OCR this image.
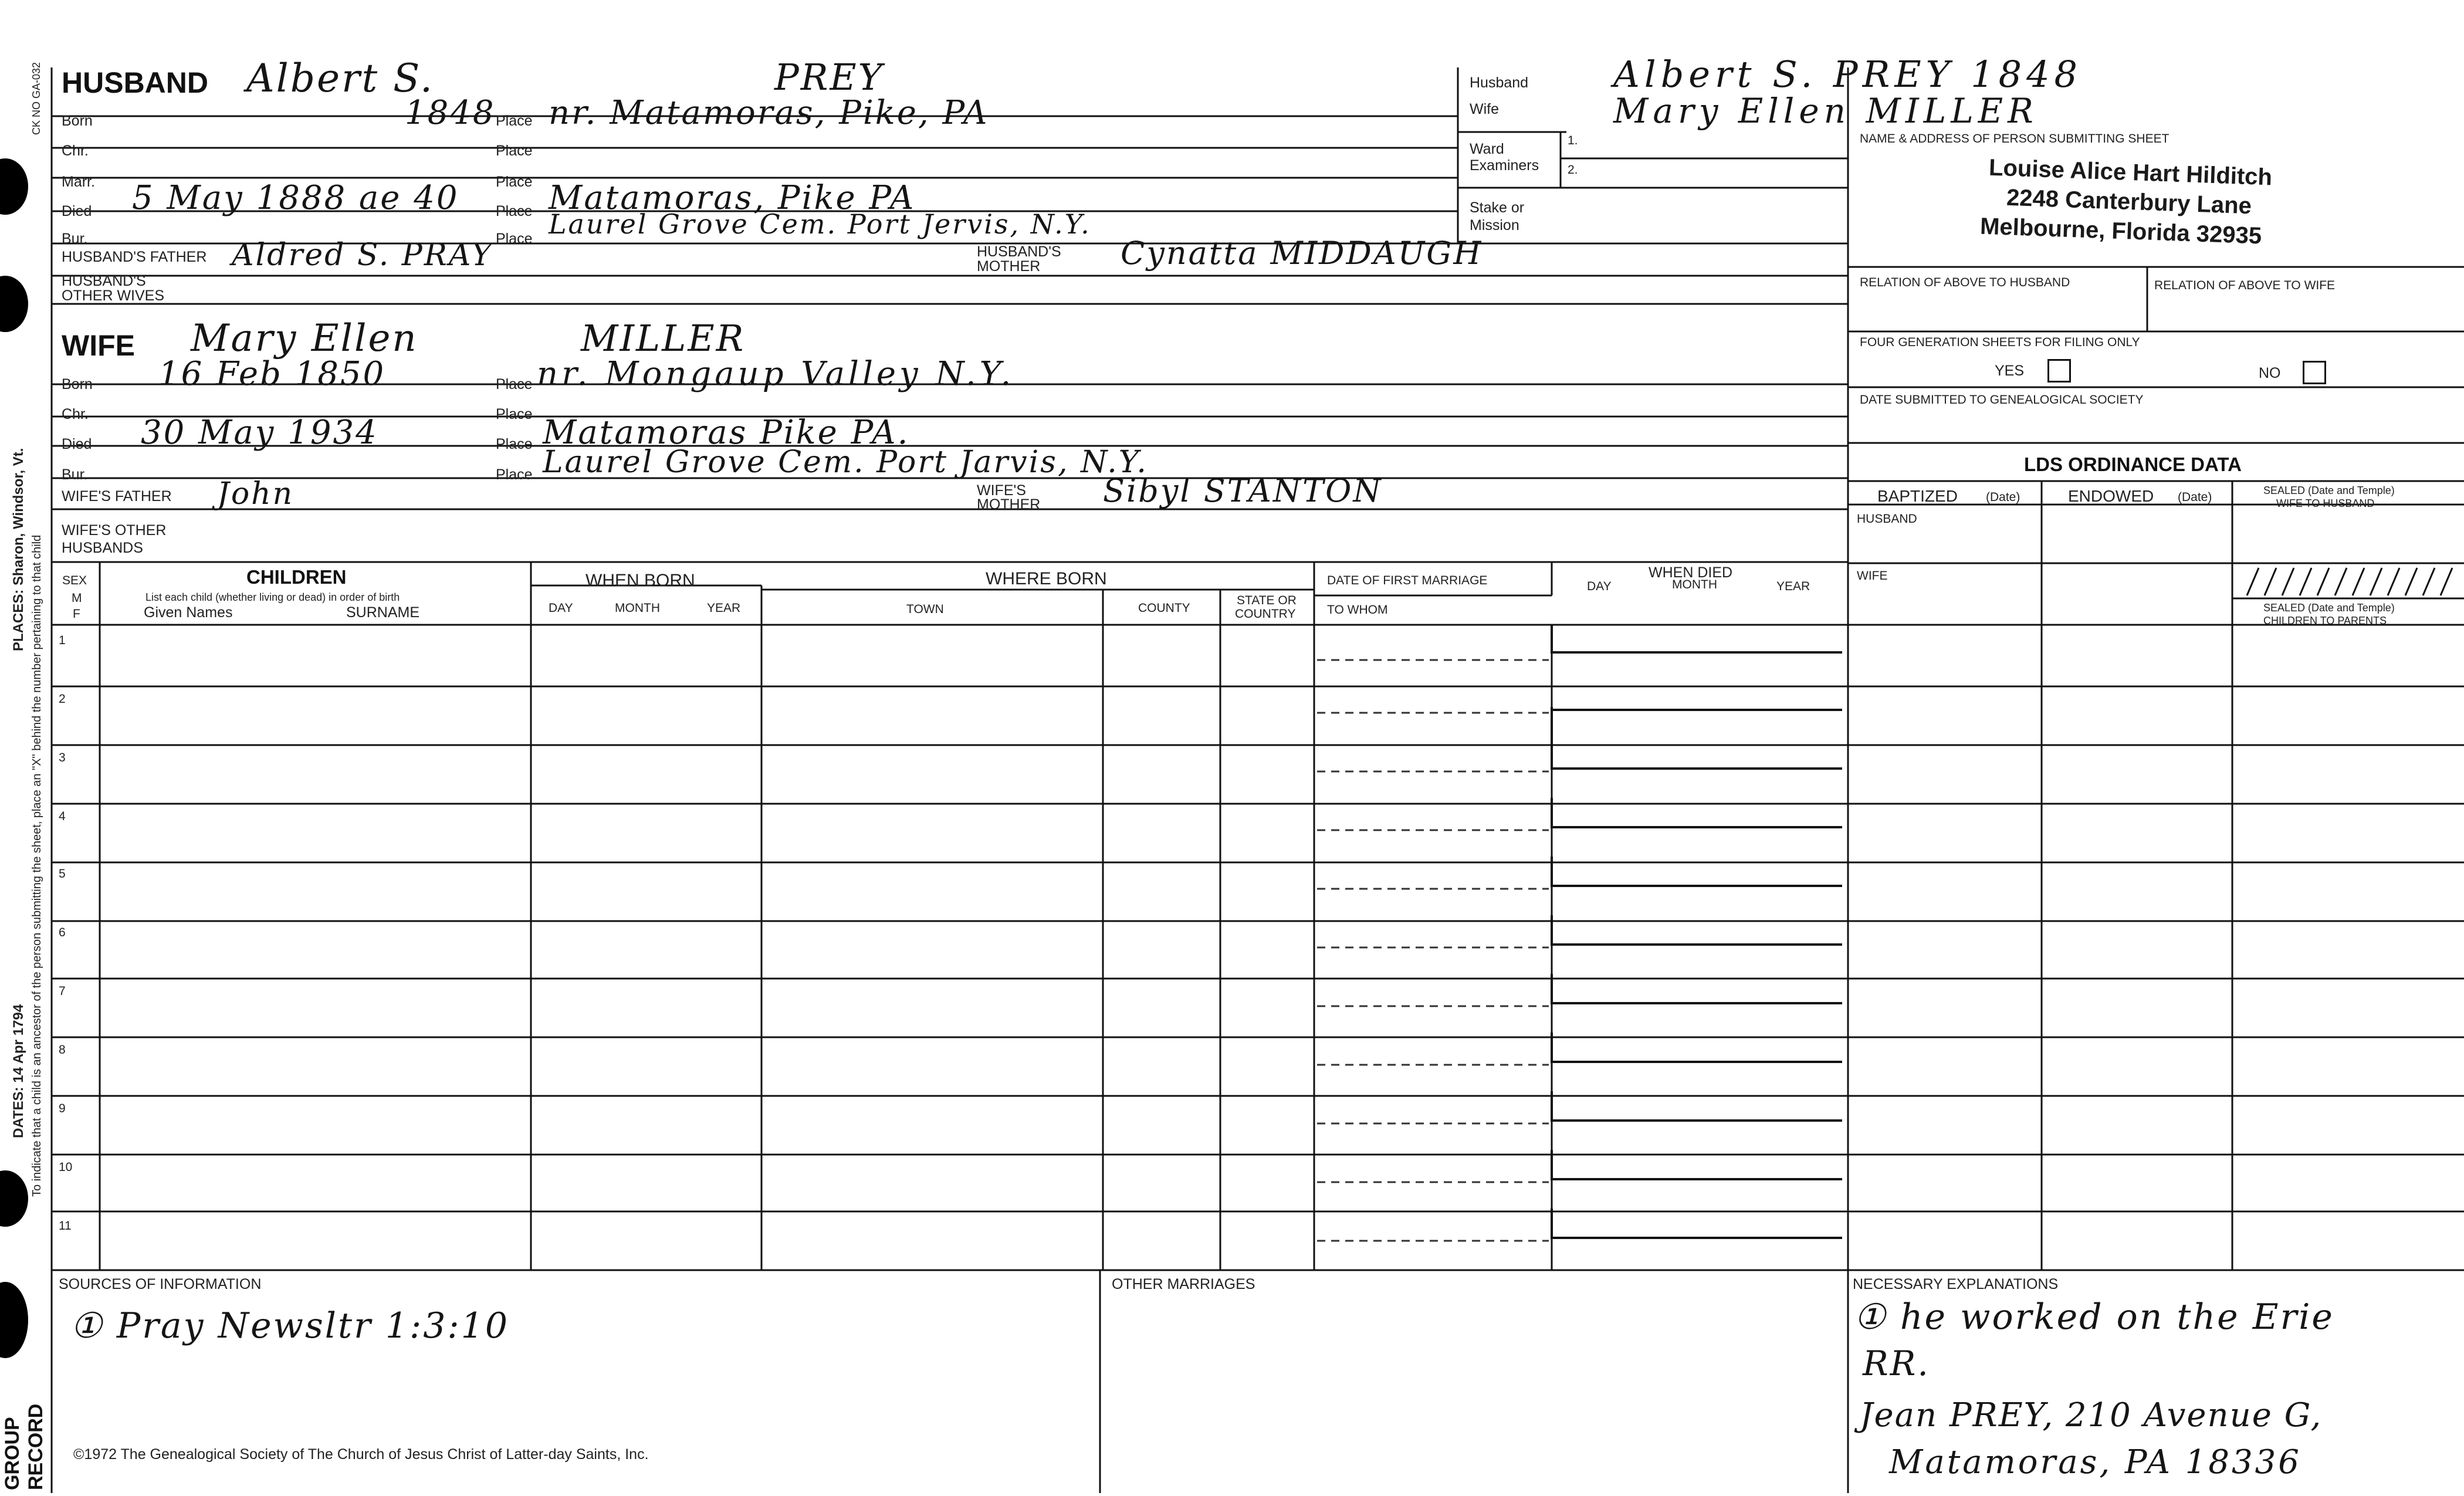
PLACES: Sharon, Windsor, Vt.
DATES: 14 Apr 1794 To indicate that a child is an ancestor of the person submitting the sheet, place an "X" behind the number pertaining to that child
CK NO GA-032
GROUP RECORD
HUSBAND Albert S.	PREY
Born	1848 Place nr. Matamoras, Pike, PA
Chr.	Place
Marr.	Place
Died 5 May 1888 ae 40	Place Matamoras, Pike PA
Bur.	Place Laurel Grove Cem. Port Jervis, N.Y.
HUSBAND'S FATHER Aldred S. PRAY	HUSBAND'S
MOTHER	Cynatta MIDDAUGH
HUSBAND'S
OTHER WIVES
Husband Albert S. PREY 1848
Wife	Mary Ellen MILLER
Ward
Examiners
1.
2.
Stake or
Mission
NAME & ADDRESS OF PERSON SUBMITTING SHEET
Louise Alice Hart Hilditch
2248 Canterbury Lane
Melbourne, Florida 32935
RELATION OF ABOVE TO HUSBAND	RELATION OF ABOVE TO WIFE
FOUR GENERATION SHEETS FOR FILING ONLY
YES	NO
DATE SUBMITTED TO GENEALOGICAL SOCIETY
LDS ORDINANCE DATA
BAPTIZED (Date)	ENDOWED (Date)	SEALED (Date and Temple)
WIFE TO HUSBAND
HUSBAND
WIFE
SEALED (Date and Temple)
CHILDREN TO PARENTS
WIFE Mary Ellen	MILLER
Born 16 Feb 1850	Place nr. Mongaup Valley N.Y.
Chr.	Place
Died 30 May 1934	Place Matamoras Pike PA.
Bur.	Place Laurel Grove Cem. Port Jarvis, N.Y.
WIFE'S FATHER John	WIFE'S
MOTHER Sibyl STANTON
WIFE'S OTHER
HUSBANDS
SEX
M
F
CHILDREN
List each child (whether living or dead) in order of birth
Given Names	SURNAME
WHEN BORN
DAY	MONTH	YEAR
WHERE BORN
TOWN	COUNTY
STATE OR
COUNTRY
DATE OF FIRST MARRIAGE
TO WHOM
WHEN DIED
DAY	MONTH	YEAR
1
2
3
4
5
6
7
8
9
10
11
SOURCES OF INFORMATION
① Pray Newsltr 1:3:10
OTHER MARRIAGES	NECESSARY EXPLANATIONS
① he worked on the Erie
RR.
Jean PREY, 210 Avenue G,
Matamoras, PA 18336
©1972 The Genealogical Society of The Church of Jesus Christ of Latter-day Saints, Inc.
